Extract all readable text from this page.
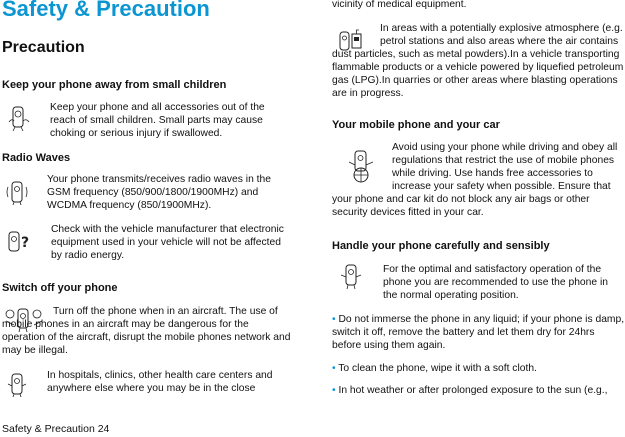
Safety & Precaution
Precaution
Keep your phone away from small children

Keep your phone and all accessories out of the reach of small children. Small parts may cause choking or serious injury if swallowed.

Radio Waves

Your phone transmits/receives radio waves in the GSM frequency (850/900/1800/1900MHz) and WCDMA frequency (850/1900MHz).

?

Check with the vehicle manufacturer that electronic equipment used in your vehicle will not be affected by radio energy.

Switch off your phone

Turn off the phone when in an aircraft. The use of mobile phones in an aircraft may be dangerous for the operation of the aircraft, disrupt the mobile phones network and may be illegal.

In hospitals, clinics, other health care centers and anywhere else where you may be in the close

Safety & Precaution 24

vicinity of medical equipment.

In areas with a potentially explosive atmosphere (e.g. petrol stations and also areas where the air contains dust particles, such as metal powders).In a vehicle transporting flammable products or a vehicle powered by liquefied petroleum gas (LPG).In quarries or other areas where blasting operations are in progress.

Your mobile phone and your car

Avoid using your phone while driving and obey all regulations that restrict the use of mobile phones while driving. Use hands free accessories to increase your safety when possible. Ensure that your phone and car kit do not block any air bags or other security devices fitted in your car.

Handle your phone carefully and sensibly

For the optimal and satisfactory operation of the phone you are recommended to use the phone in the normal operating position.

• Do not immerse the phone in any liquid; if your phone is damp, switch it off, remove the battery and let them dry for 24hrs before using them again.

• To clean the phone, wipe it with a soft cloth.

• In hot weather or after prolonged exposure to the sun (e.g.,
